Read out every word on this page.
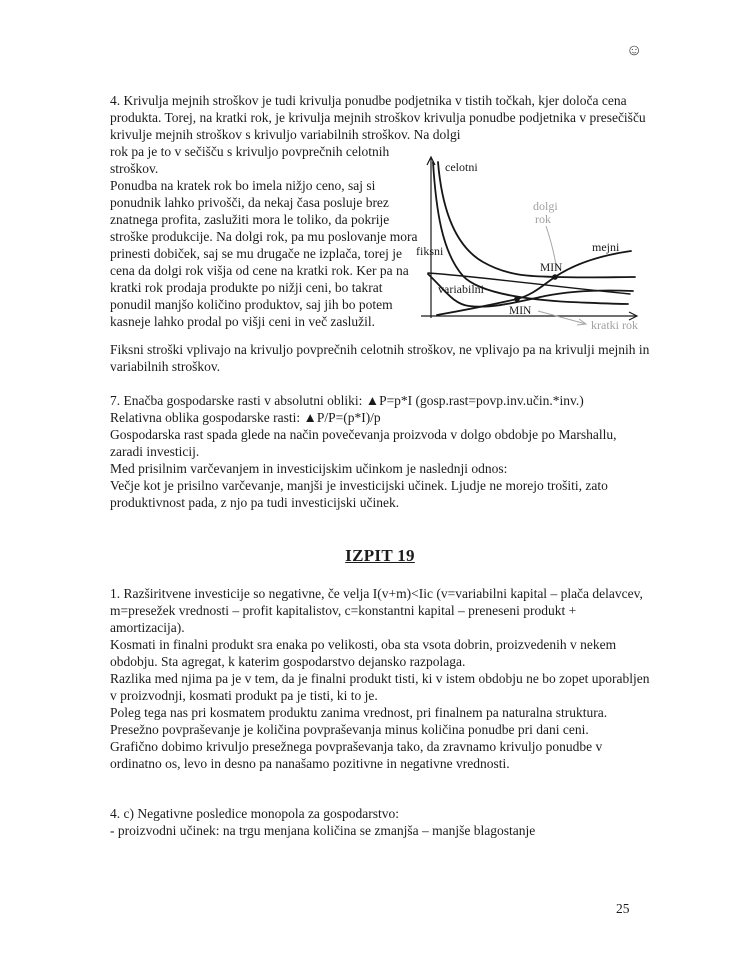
☺

4. Krivulja mejnih stroškov je tudi krivulja ponudbe podjetnika v tistih točkah, kjer določa cena produkta. Torej, na kratki rok, je krivulja mejnih stroškov krivulja ponudbe podjetnika v presečišču krivulje mejnih stroškov s krivuljo variabilnih stroškov. Na dolgi

rok pa je to v sečišču s krivuljo povprečnih celotnih stroškov.

Ponudba na kratek rok bo imela nižjo ceno, saj si ponudnik lahko privošči, da nekaj časa posluje brez znatnega profita, zaslužiti mora le toliko, da pokrije stroške produkcije. Na dolgi rok, pa mu poslovanje mora prinesti dobiček, saj se mu drugače ne izplača, torej je cena da dolgi rok višja od cene na kratki rok. Ker pa na kratki rok prodaja produkte po nižji ceni, bo takrat ponudil manjšo količino produktov, saj jih bo potem kasneje lahko prodal po višji ceni in več zaslužil.

celotni
fiksni
variabilni
mejni
MIN
MIN
dolgi
rok
kratki rok

Fiksni stroški vplivajo na krivuljo povprečnih celotnih stroškov, ne vplivajo pa na krivulji mejnih in variabilnih stroškov.

7. Enačba gospodarske rasti v absolutni obliki: ▲P=p*I (gosp.rast=povp.inv.učin.*inv.)

Relativna oblika gospodarske rasti: ▲P/P=(p*I)/p

Gospodarska rast spada glede na način povečevanja proizvoda v dolgo obdobje po Marshallu, zaradi investicij.

Med prisilnim varčevanjem in investicijskim učinkom je naslednji odnos:

Večje kot je prisilno varčevanje, manjši je investicijski učinek. Ljudje ne morejo trošiti, zato produktivnost pada, z njo pa tudi investicijski učinek.

IZPIT 19

1. Razširitvene investicije so negativne, če velja I(v+m)<Iic (v=variabilni kapital – plača delavcev, m=presežek vrednosti – profit kapitalistov, c=konstantni kapital – preneseni produkt + amortizacija).

Kosmati in finalni produkt sra enaka po velikosti, oba sta vsota dobrin, proizvedenih v nekem obdobju. Sta agregat, k katerim gospodarstvo dejansko razpolaga.

Razlika med njima pa je v tem, da je finalni produkt tisti, ki v istem obdobju ne bo zopet uporabljen v proizvodnji, kosmati produkt pa je tisti, ki to je.

Poleg tega nas pri kosmatem produktu zanima vrednost, pri finalnem pa naturalna struktura.

Presežno povpraševanje je količina povpraševanja minus količina ponudbe pri dani ceni.

Grafično dobimo krivuljo presežnega povpraševanja tako, da zravnamo krivuljo ponudbe v ordinatno os, levo in desno pa nanašamo pozitivne in negativne vrednosti.

4. c) Negativne posledice monopola za gospodarstvo:

- proizvodni učinek: na trgu menjana količina se zmanjša – manjše blagostanje

25
